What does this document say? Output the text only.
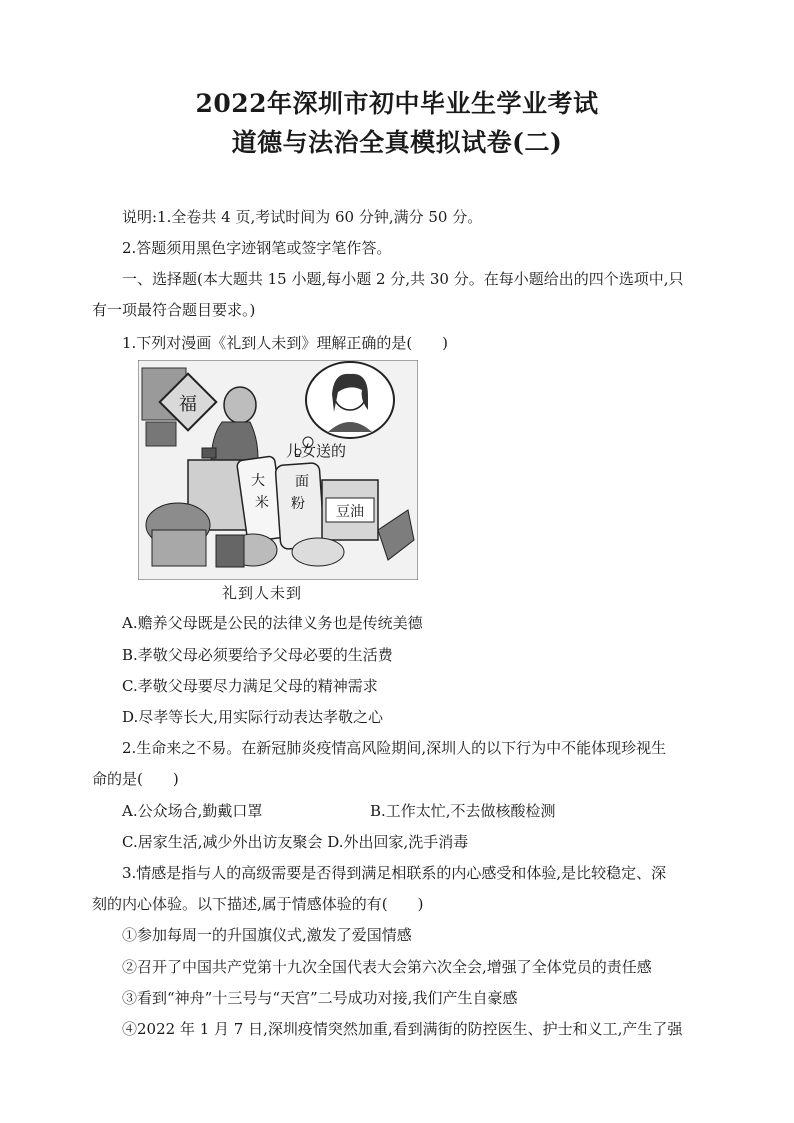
2022年深圳市初中毕业生学业考试
道德与法治全真模拟试卷(二)
说明:1.全卷共 4 页,考试时间为 60 分钟,满分 50 分。
2.答题须用黑色字迹钢笔或签字笔作答。
一、选择题(本大题共 15 小题,每小题 2 分,共 30 分。在每小题给出的四个选项中,只
有一项最符合题目要求。)
1.下列对漫画《礼到人未到》理解正确的是(　　)
福
儿女送的
大
米
面
粉 豆油
礼到人未到
A.赡养父母既是公民的法律义务也是传统美德
B.孝敬父母必须要给予父母必要的生活费
C.孝敬父母要尽力满足父母的精神需求
D.尽孝等长大,用实际行动表达孝敬之心
2.生命来之不易。在新冠肺炎疫情高风险期间,深圳人的以下行为中不能体现珍视生
命的是(　　)
A.公众场合,勤戴口罩	B.工作太忙,不去做核酸检测
C.居家生活,减少外出访友聚会 D.外出回家,洗手消毒
3.情感是指与人的高级需要是否得到满足相联系的内心感受和体验,是比较稳定、深
刻的内心体验。以下描述,属于情感体验的有(　　)
①参加每周一的升国旗仪式,激发了爱国情感
②召开了中国共产党第十九次全国代表大会第六次全会,增强了全体党员的责任感
③看到“神舟”十三号与“天宫”二号成功对接,我们产生自豪感
④2022 年 1 月 7 日,深圳疫情突然加重,看到满街的防控医生、护士和义工,产生了强
